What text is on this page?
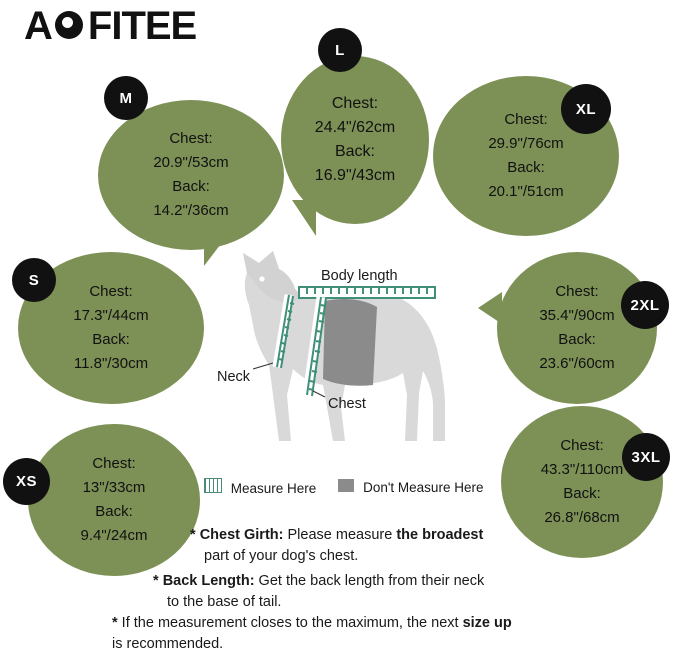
A FITEE
Chest:
20.9"/53cm
Back:
14.2"/36cm
M	Chest:
24.4"/62cm
Back:
16.9"/43cm
L
Chest:
29.9"/76cm
Back:
20.1"/51cm
XL
Chest:
17.3"/44cm
Back:
11.8"/30cm
S
Chest:
35.4"/90cm
Back:
23.6"/60cm
2XL
Chest:
13"/33cm
Back:
9.4"/24cm
XS
Chest:
43.3"/110cm
Back:
26.8"/68cm
3XL
Body length
Neck
Chest
Measure Here	Don't Measure Here
* Chest Girth: Please measure the broadest
part of your dog's chest.
* Back Length: Get the back length from their neck
to the base of tail.
* If the measurement closes to the maximum, the next size up
is recommended.
